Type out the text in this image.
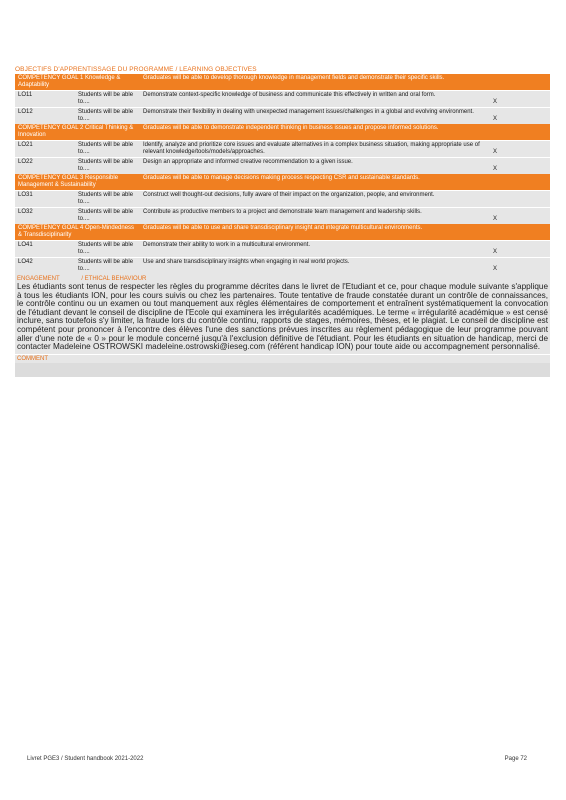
OBJECTIFS D'APPRENTISSAGE DU PROGRAMME / LEARNING OBJECTIVES
COMPETENCY GOAL 1 Knowledge & Adaptability		Graduates will be able to develop thorough knowledge in management fields and demonstrate their specific skills.	
LO11	Students will be able to....	Demonstrate context-specific knowledge of business and communicate this effectively in written and oral form.	X
LO12	Students will be able to....	Demonstrate their flexibility in dealing with unexpected management issues/challenges in a global and evolving environment.	X
COMPETENCY GOAL 2 Critical Thinking & Innovation		Graduates will be able to demonstrate independent thinking in business issues and propose informed solutions.	
LO21	Students will be able to....	Identify, analyze and prioritize core issues and evaluate alternatives in a complex business situation, making appropriate use of relevant knowledge/tools/models/approaches.	X
LO22	Students will be able to....	Design an appropriate and informed creative recommendation to a given issue.	X
COMPETENCY GOAL 3 Responsible Management & Sustainability		Graduates will be able to manage decisions making process respecting CSR and sustainable standards.	
LO31	Students will be able to....	Construct well thought-out decisions, fully aware of their impact on the organization, people, and environment.	
LO32	Students will be able to....	Contribute as productive members to a project and demonstrate team management and leadership skills.	X
COMPETENCY GOAL 4 Open-Mindedness & Transdisciplinarity		Graduates will be able to use and share transdisciplinary insight and integrate multicultural environments.	
LO41	Students will be able to....	Demonstrate their ability to work in a multicultural environment.	X
LO42	Students will be able to....	Use and share transdisciplinary insights when engaging in real world projects.	X
ENGAGEMENT	/ ETHICAL BEHAVIOUR
Les étudiants sont tenus de respecter les règles du programme décrites dans le livret de l'Etudiant et ce, pour chaque module suivante s'applique à tous les étudiants ION, pour les cours suivis ou chez les partenaires. Toute tentative de fraude constatée durant un contrôle de connaissances, le contrôle continu ou un examen ou tout manquement aux règles élémentaires de comportement et entraînent systématiquement la convocation de l'étudiant devant le conseil de discipline de l'Ecole qui examinera les irrégularités académiques. Le terme « irrégularité académique » est censé inclure, sans toutefois s'y limiter, la fraude lors du contrôle continu, rapports de stages, mémoires, thèses, et le plagiat. Le conseil de discipline est compétent pour prononcer à l'encontre des élèves l'une des sanctions prévues inscrites au règlement pédagogique de leur programme pouvant aller d'une note de « 0 » pour le module concerné jusqu'à l'exclusion définitive de l'étudiant. Pour les étudiants en situation de handicap, merci de contacter Madeleine OSTROWSKI madeleine.ostrowski@ieseg.com (référent handicap ION) pour toute aide ou accompagnement personnalisé.
COMMENT
Livret PGE3 / Student handbook 2021-2022	Page 72
